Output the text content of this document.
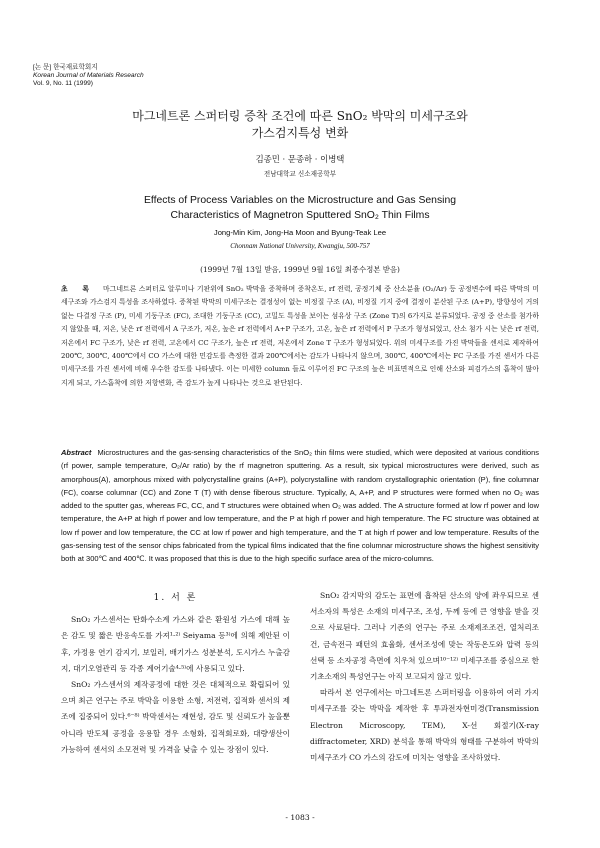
[논 문] 한국재료학회지
Korean Journal of Materials Research
Vol. 9, No. 11 (1999)
마그네트론 스퍼터링 증착 조건에 따른 SnO₂ 박막의 미세구조와
가스검지특성 변화
김종민 · 문종하 · 이병택
전남대학교 신소재공학부
Effects of Process Variables on the Microstructure and Gas Sensing
Characteristics of Magnetron Sputtered SnO₂ Thin Films
Jong-Min Kim, Jong-Ha Moon and Byung-Teak Lee
Chonnam National University, Kwangju, 500-757
(1999년 7월 13일 받음, 1999년 9월 16일 최종수정본 받음)
초 록 마그네트론 스퍼터로 알루미나 기판위에 SnO₂ 박막을 증착하며 증착온도, rf 전력, 공정기체 중 산소분율 (O₂/Ar) 등 공정변수에 따른 박막의 미세구조와 가스검지 특성을 조사하였다. 증착된 박막의 미세구조는 결정성이 없는 비정질 구조 (A), 비정질 기지 중에 결정이 분산된 구조 (A+P), 방향성이 거의 없는 다결정 구조 (P), 미세 기둥구조 (FC), 조대한 기둥구조 (CC), 고밀도 특성을 보이는 섬유상 구조 (Zone T)의 6가지로 분류되었다. 공정 중 산소를 첨가하지 않았을 때, 저온, 낮은 rf 전력에서 A 구조가, 저온, 높은 rf 전력에서 A+P 구조가, 고온, 높은 rf 전력에서 P 구조가 형성되었고, 산소 첨가 시는 낮은 rf 전력, 저온에서 FC 구조가, 낮은 rf 전력, 고온에서 CC 구조가, 높은 rf 전력, 저온에서 Zone T 구조가 형성되었다. 위의 미세구조를 가진 박막들을 센서로 제작하여 200℃, 300℃, 400℃에서 CO 가스에 대한 민감도를 측정한 결과 200℃에서는 감도가 나타나지 않으며, 300℃, 400℃에서는 FC 구조를 가진 센서가 다른 미세구조를 가진 센서에 비해 우수한 감도를 나타냈다. 이는 미세한 column 들로 이루어진 FC 구조의 높은 비표면적으로 인해 산소와 피검가스의 흡착이 많아지게 되고, 가스흡착에 의한 저항변화, 즉 감도가 높게 나타나는 것으로 판단된다.
Abstract Microstructures and the gas-sensing characteristics of the SnO₂ thin films were studied, which were deposited at various conditions (rf power, sample temperature, O₂/Ar ratio) by the rf magnetron sputtering. As a result, six typical microstructures were derived, such as amorphous(A), amorphous mixed with polycrystalline grains (A+P), polycrystalline with random crystallographic orientation (P), fine columnar (FC), coarse columnar (CC) and Zone T (T) with dense fiberous structure. Typically, A, A+P, and P structures were formed when no O₂ was added to the sputter gas, whereas FC, CC, and T structures were obtained when O₂ was added. The A structure formed at low rf power and low temperature, the A+P at high rf power and low temperature, and the P at high rf power and high temperature. The FC structure was obtained at low rf power and low temperature, the CC at low rf power and high temperature, and the T at high rf power and low temperature. Results of the gas-sensing test of the sensor chips fabricated from the typical films indicated that the fine columnar microstructure shows the highest sensitivity both at 300℃ and 400℃. It was proposed that this is due to the high specific surface area of the micro-columns.
1. 서 론

SnO₂ 가스센서는 탄화수소계 가스와 같은 환원성 가스에 대해 높은 감도 및 짧은 반응속도를 가져¹·²⁾ Seiyama 등³⁾에 의해 제안된 이후, 가정용 연기 감지기, 보일러, 배기가스 성분분석, 도시가스 누출감지, 대기오염관리 등 각종 계어기술⁴·⁵⁾에 사용되고 있다.

SnO₂ 가스센서의 제작공정에 대한 것은 대체적으로 확립되어 있으며 최근 연구는 주로 박막을 이용한 소형, 저전력, 집적화 센서의 제조에 집중되어 있다.⁶⁻⁸⁾ 박막센서는 재현성, 감도 및 신뢰도가 높을뿐 아니라 반도체 공정을 응용할 경우 소형화, 집적회로화, 대량생산이 가능하여 센서의 소모전력 및 가격을 낮출 수 있는 장점이 있다.

SnO₂ 감지막의 감도는 표면에 흡착된 산소의 양에 좌우되므로 센서소자의 특성은 소재의 미세구조, 조성, 두께 등에 큰 영향을 받을 것으로 사료된다. 그러나 기존의 연구는 주로 소재제조조건, 열처리조건, 금속전극 패턴의 효율화, 센서조성에 맞는 작동온도와 압력 등의 선택 등 소자공정 측면에 치우쳐 있으며¹⁰⁻¹²⁾ 미세구조를 중심으로 한 기초소재의 특성연구는 아직 보고되지 않고 있다.

따라서 본 연구에서는 마그네트론 스퍼터링을 이용하여 여러 가지 미세구조를 갖는 박막을 제작한 후 투과전자현미경(Transmission Electron Microscopy, TEM), X-선 회절기(X-ray diffractometer, XRD) 분석을 통해 박막의 형태를 구분하여 박막의 미세구조가 CO 가스의 감도에 미치는 영향을 조사하였다.

- 1083 -
